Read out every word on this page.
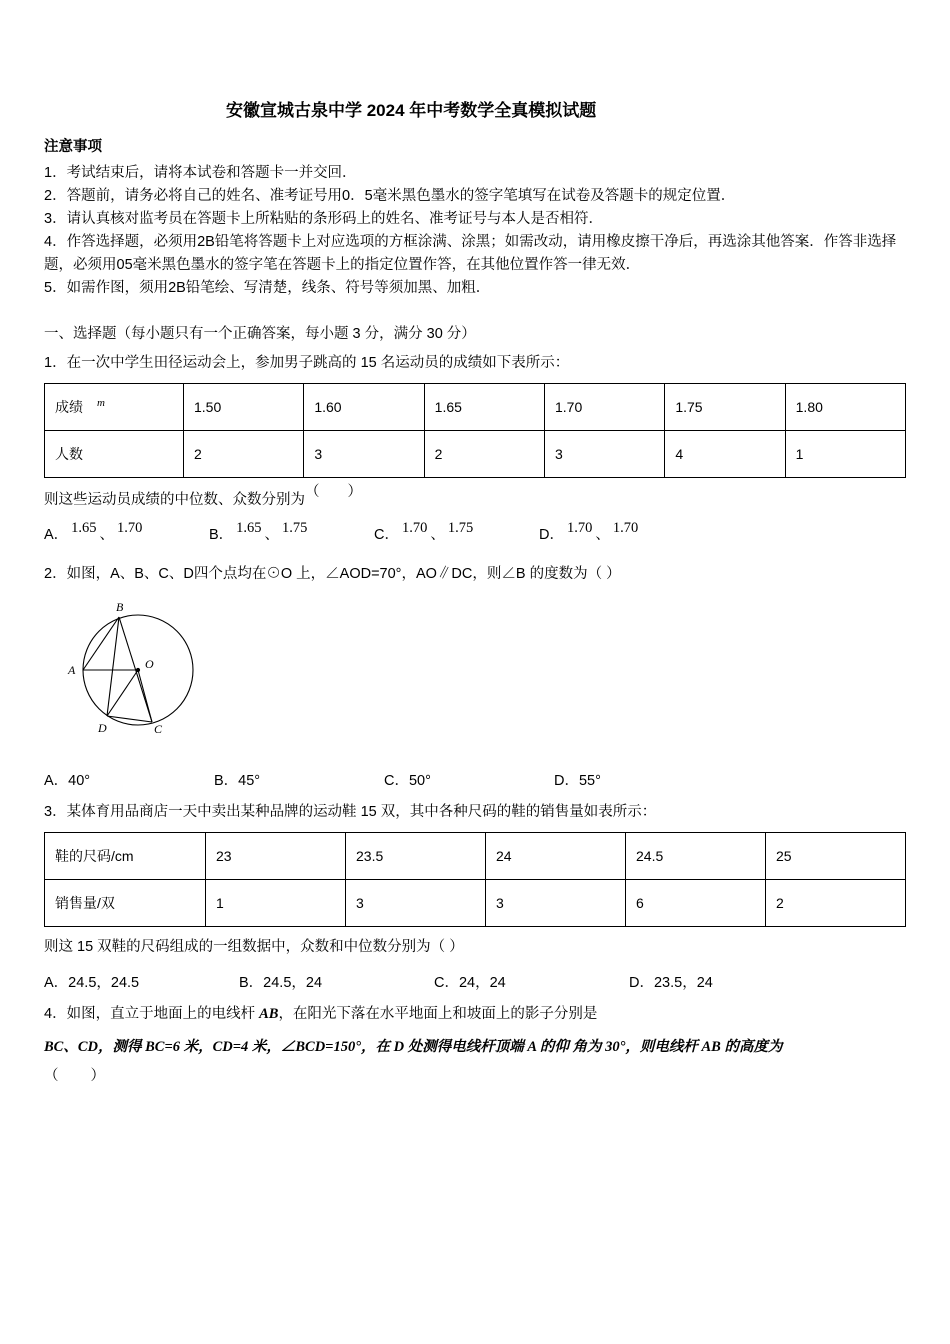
安徽宣城古泉中学 2024 年中考数学全真模拟试题
注意事项

1．考试结束后，请将本试卷和答题卡一并交回．

2．答题前，请务必将自己的姓名、准考证号用0．5毫米黑色墨水的签字笔填写在试卷及答题卡的规定位置．

3．请认真核对监考员在答题卡上所粘贴的条形码上的姓名、准考证号与本人是否相符．

4．作答选择题，必须用2B铅笔将答题卡上对应选项的方框涂满、涂黑；如需改动，请用橡皮擦干净后，再选涂其他答案．作答非选择题，必须用05毫米黑色墨水的签字笔在答题卡上的指定位置作答，在其他位置作答一律无效．

5．如需作图，须用2B铅笔绘、写清楚，线条、符号等须加黑、加粗．

一、选择题（每小题只有一个正确答案，每小题 3 分，满分 30 分）
1．在一次中学生田径运动会上，参加男子跳高的 15 名运动员的成绩如下表所示：
成绩 $^m$	1.50	1.60	1.65	1.70	1.75	1.80
人数	2	3	2	3	4	1
则这些运动员成绩的中位数、众数分别为（ ）
A． 1.65 、 1.70	B． 1.65 、 1.75	C． 1.70 、 1.75	D． 1.70 、 1.70
2．如图，A、B、C、D四个点均在⊙O 上，∠AOD=70°，AO∥DC，则∠B 的度数为（ ）
A
B
C
D
O
A．40°	B．45°	C．50°	D．55°
3．某体育用品商店一天中卖出某种品牌的运动鞋 15 双，其中各种尺码的鞋的销售量如表所示：
鞋的尺码/cm	23	23.5	24	24.5	25
销售量/双	1	3	3	6	2
则这 15 双鞋的尺码组成的一组数据中，众数和中位数分别为（ ）
A．24.5，24.5	B．24.5，24	C．24，24	D．23.5，24
4．如图，直立于地面上的电线杆 AB，在阳光下落在水平地面上和坡面上的影子分别是
BC、CD，测得 BC=6 米，CD=4 米，∠BCD=150°，在 D 处测得电线杆顶端 A 的仰 角为 30°，则电线杆 AB 的高度为
（ ）
